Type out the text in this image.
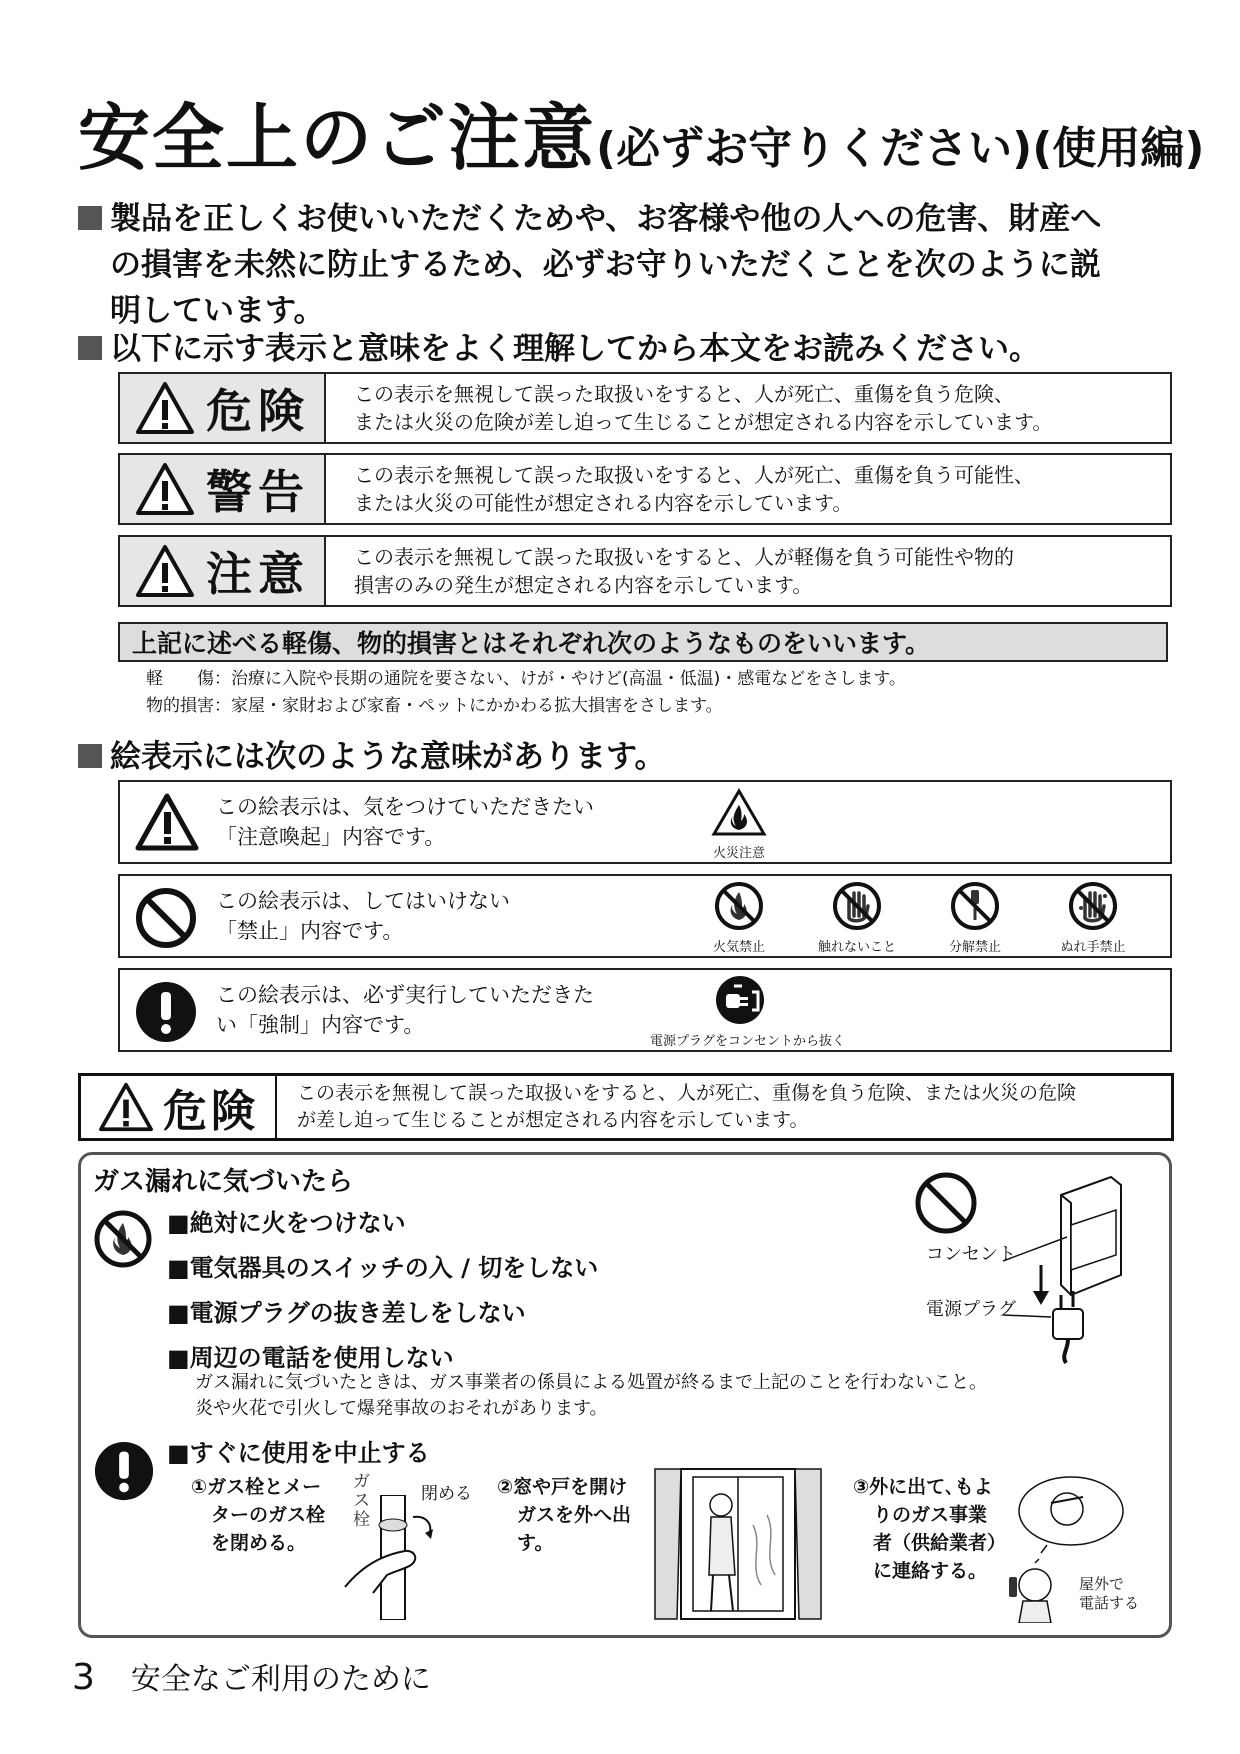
安全上のご注意(必ずお守りください)(使用編)
製品を正しくお使いいただくためや、お客様や他の人への危害、財産へ
の損害を未然に防止するため、必ずお守りいただくことを次のように説
明しています。
以下に示す表示と意味をよく理解してから本文をお読みください。
危険 この表示を無視して誤った取扱いをすると、人が死亡、重傷を負う危険、
または火災の危険が差し迫って生じることが想定される内容を示しています。
警告 この表示を無視して誤った取扱いをすると、人が死亡、重傷を負う可能性、
または火災の可能性が想定される内容を示しています。
注意 この表示を無視して誤った取扱いをすると、人が軽傷を負う可能性や物的
損害のみの発生が想定される内容を示しています。
上記に述べる軽傷、物的損害とはそれぞれ次のようなものをいいます。
軽　　傷：治療に入院や長期の通院を要さない、けが・やけど(高温・低温)・感電などをさします。
物的損害：家屋・家財および家畜・ペットにかかわる拡大損害をさします。
絵表示には次のような意味があります。
この絵表示は、気をつけていただきたい
「注意喚起」内容です。
火災注意
この絵表示は、してはいけない
「禁止」内容です。
火気禁止	触れないこと	分解禁止	ぬれ手禁止
この絵表示は、必ず実行していただきた
い「強制」内容です。
電源プラグをコンセントから抜く
危険 この表示を無視して誤った取扱いをすると、人が死亡、重傷を負う危険、または火災の危険
が差し迫って生じることが想定される内容を示しています。
ガス漏れに気づいたら
■絶対に火をつけない
■電気器具のスイッチの入 / 切をしない
■電源プラグの抜き差しをしない
■周辺の電話を使用しない
ガス漏れに気づいたときは、ガス事業者の係員による処置が終るまで上記のことを行わないこと。
炎や火花で引火して爆発事故のおそれがあります。
コンセント
電源プラグ
■すぐに使用を中止する
①ガス栓とメー
ターのガス栓
を閉める。
ガス栓
閉める ②窓や戸を開け
ガスを外へ出
す。
③外に出て､もよ
りのガス事業
者（供給業者）
に連絡する。
屋外で
電話する
3 安全なご利用のために
